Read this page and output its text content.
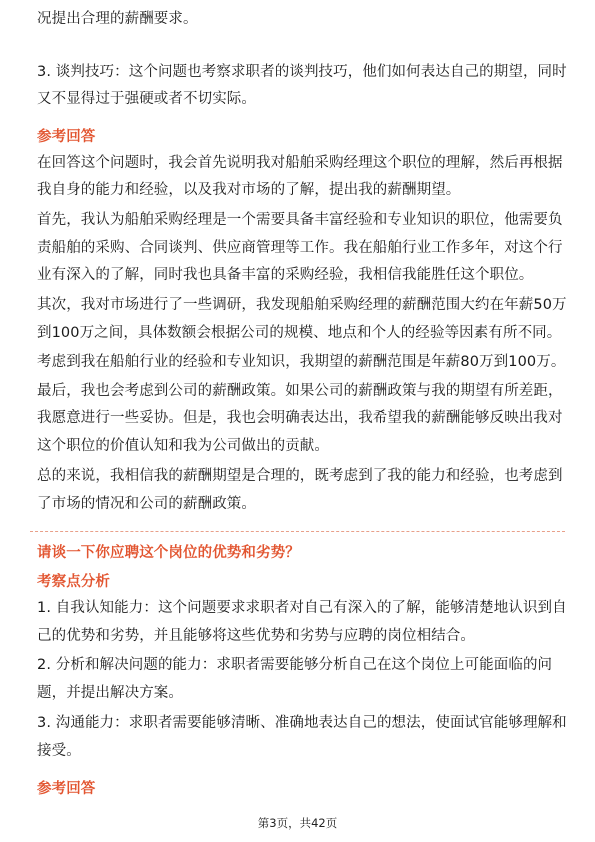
况提出合理的薪酬要求。
3. 谈判技巧：这个问题也考察求职者的谈判技巧，他们如何表达自己的期望，同时
又不显得过于强硬或者不切实际。
参考回答
在回答这个问题时，我会首先说明我对船舶采购经理这个职位的理解，然后再根据
我自身的能力和经验，以及我对市场的了解，提出我的薪酬期望。
首先，我认为船舶采购经理是一个需要具备丰富经验和专业知识的职位，他需要负
责船舶的采购、合同谈判、供应商管理等工作。我在船舶行业工作多年，对这个行
业有深入的了解，同时我也具备丰富的采购经验，我相信我能胜任这个职位。
其次，我对市场进行了一些调研，我发现船舶采购经理的薪酬范围大约在年薪50万
到100万之间，具体数额会根据公司的规模、地点和个人的经验等因素有所不同。
考虑到我在船舶行业的经验和专业知识，我期望的薪酬范围是年薪80万到100万。
最后，我也会考虑到公司的薪酬政策。如果公司的薪酬政策与我的期望有所差距，
我愿意进行一些妥协。但是，我也会明确表达出，我希望我的薪酬能够反映出我对
这个职位的价值认知和我为公司做出的贡献。
总的来说，我相信我的薪酬期望是合理的，既考虑到了我的能力和经验，也考虑到
了市场的情况和公司的薪酬政策。
请谈一下你应聘这个岗位的优势和劣势？
考察点分析
1. 自我认知能力：这个问题要求求职者对自己有深入的了解，能够清楚地认识到自
己的优势和劣势，并且能够将这些优势和劣势与应聘的岗位相结合。
2. 分析和解决问题的能力：求职者需要能够分析自己在这个岗位上可能面临的问
题，并提出解决方案。
3. 沟通能力：求职者需要能够清晰、准确地表达自己的想法，使面试官能够理解和
接受。
参考回答
第3页，共42页
